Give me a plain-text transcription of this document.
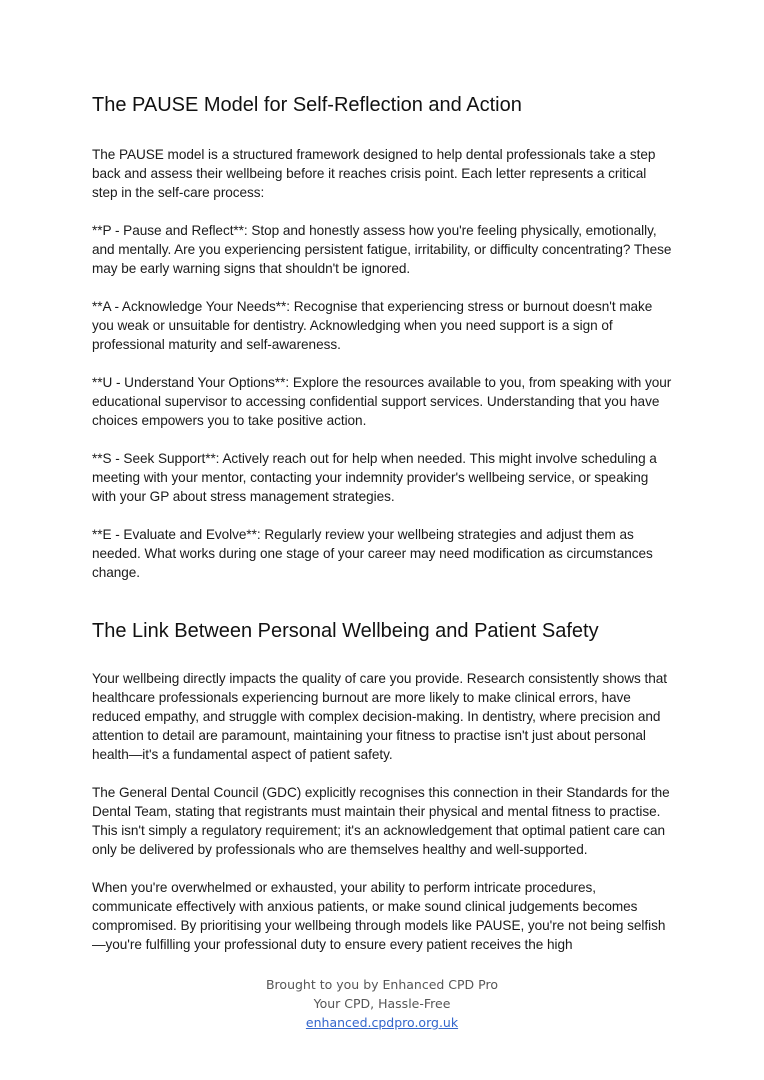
The PAUSE Model for Self-Reflection and Action

The PAUSE model is a structured framework designed to help dental professionals take a step back and assess their wellbeing before it reaches crisis point. Each letter represents a critical step in the self-care process:

**P - Pause and Reflect**: Stop and honestly assess how you're feeling physically, emotionally, and mentally. Are you experiencing persistent fatigue, irritability, or difficulty concentrating? These may be early warning signs that shouldn't be ignored.

**A - Acknowledge Your Needs**: Recognise that experiencing stress or burnout doesn't make you weak or unsuitable for dentistry. Acknowledging when you need support is a sign of professional maturity and self-awareness.

**U - Understand Your Options**: Explore the resources available to you, from speaking with your educational supervisor to accessing confidential support services. Understanding that you have choices empowers you to take positive action.

**S - Seek Support**: Actively reach out for help when needed. This might involve scheduling a meeting with your mentor, contacting your indemnity provider's wellbeing service, or speaking with your GP about stress management strategies.

**E - Evaluate and Evolve**: Regularly review your wellbeing strategies and adjust them as needed. What works during one stage of your career may need modification as circumstances change.

The Link Between Personal Wellbeing and Patient Safety

Your wellbeing directly impacts the quality of care you provide. Research consistently shows that healthcare professionals experiencing burnout are more likely to make clinical errors, have reduced empathy, and struggle with complex decision-making. In dentistry, where precision and attention to detail are paramount, maintaining your fitness to practise isn't just about personal health—it's a fundamental aspect of patient safety.

The General Dental Council (GDC) explicitly recognises this connection in their Standards for the Dental Team, stating that registrants must maintain their physical and mental fitness to practise. This isn't simply a regulatory requirement; it's an acknowledgement that optimal patient care can only be delivered by professionals who are themselves healthy and well-supported.

When you're overwhelmed or exhausted, your ability to perform intricate procedures, communicate effectively with anxious patients, or make sound clinical judgements becomes compromised. By prioritising your wellbeing through models like PAUSE, you're not being selfish—you're fulfilling your professional duty to ensure every patient receives the high

Brought to you by Enhanced CPD Pro
Your CPD, Hassle-Free
enhanced.cpdpro.org.uk
